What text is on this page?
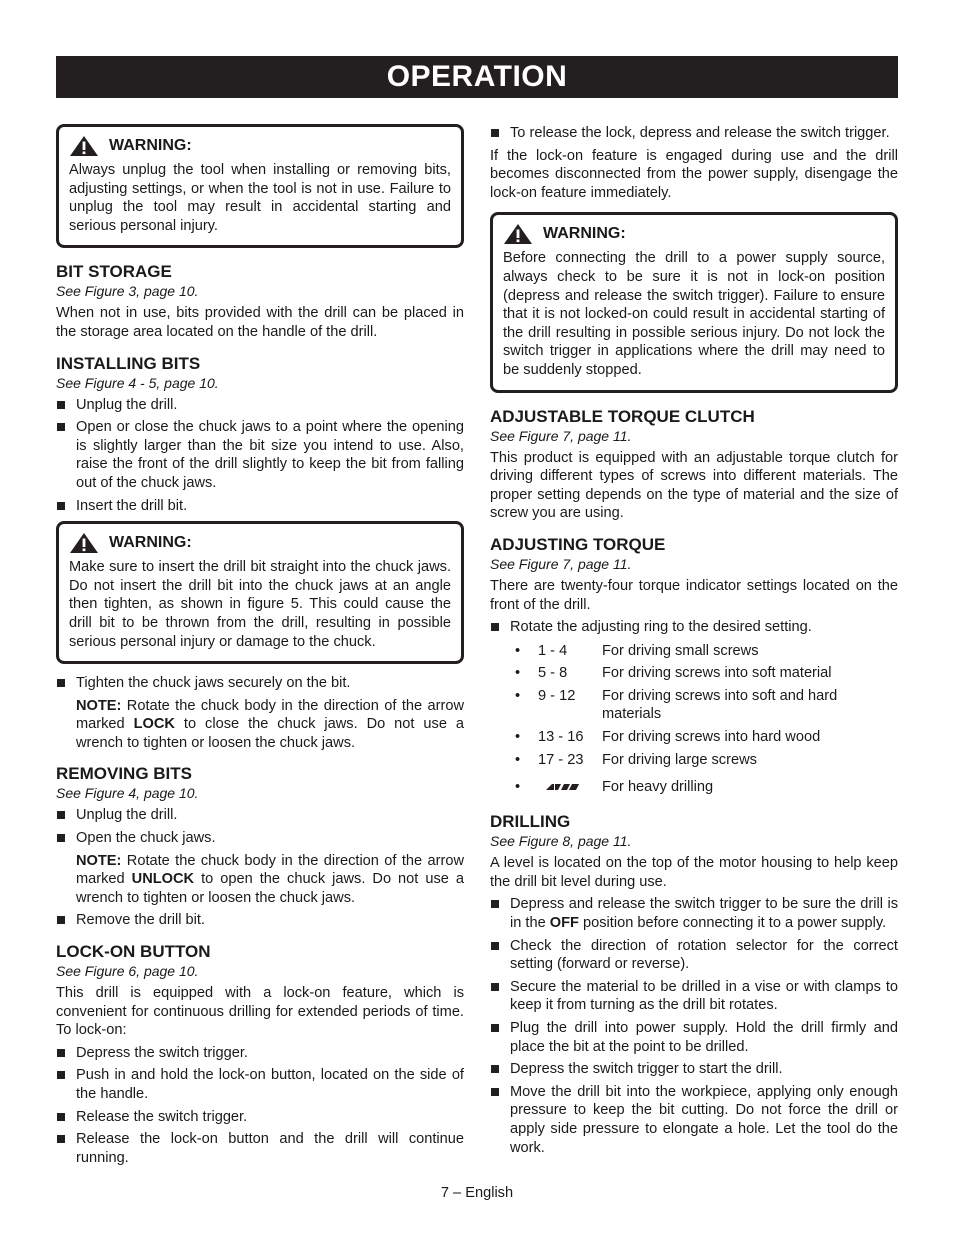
OPERATION
WARNING:

Always unplug the tool when installing or removing bits, adjusting settings, or when the tool is not in use. Failure to unplug the tool may result in accidental starting and serious personal injury.

BIT STORAGE
See Figure 3, page 10.

When not in use, bits provided with the drill can be placed in the storage area located on the handle of the drill.

INSTALLING BITS
See Figure 4 - 5, page 10.
Unplug the drill.
Open or close the chuck jaws to a point where the opening is slightly larger than the bit size you intend to use. Also, raise the front of the drill slightly to keep the bit from falling out of the chuck jaws.
Insert the drill bit.
WARNING:

Make sure to insert the drill bit straight into the chuck jaws. Do not insert the drill bit into the chuck jaws at an angle then tighten, as shown in figure 5. This could cause the drill bit to be thrown from the drill, resulting in possible serious personal injury or damage to the chuck.

Tighten the chuck jaws securely on the bit.

NOTE: Rotate the chuck body in the direction of the arrow marked LOCK to close the chuck jaws. Do not use a wrench to tighten or loosen the chuck jaws.

REMOVING BITS
See Figure 4, page 10.
Unplug the drill.
Open the chuck jaws.

NOTE: Rotate the chuck body in the direction of the arrow marked UNLOCK to open the chuck jaws. Do not use a wrench to tighten or loosen the chuck jaws.

Remove the drill bit.
LOCK-ON BUTTON
See Figure 6, page 10.

This drill is equipped with a lock-on feature, which is convenient for continuous drilling for extended periods of time. To lock-on:

Depress the switch trigger.
Push in and hold the lock-on button, located on the side of the handle.
Release the switch trigger.
Release the lock-on button and the drill will continue running.
To release the lock, depress and release the switch trigger.

If the lock-on feature is engaged during use and the drill becomes disconnected from the power supply, disengage the lock-on feature immediately.

WARNING:

Before connecting the drill to a power supply source, always check to be sure it is not in lock-on position (depress and release the switch trigger). Failure to ensure that it is not locked-on could result in accidental starting of the drill resulting in possible serious injury. Do not lock the switch trigger in applications where the drill may need to be suddenly stopped.

ADJUSTABLE TORQUE CLUTCH
See Figure 7, page 11.

This product is equipped with an adjustable torque clutch for driving different types of screws into different materials. The proper setting depends on the type of material and the size of screw you are using.

ADJUSTING TORQUE
See Figure 7, page 11.

There are twenty-four torque indicator settings located on the front of the drill.

Rotate the adjusting ring to the desired setting.
•	1 - 4	For driving small screws
•	5 - 8	For driving screws into soft material
•	9 - 12	For driving screws into soft and hard materials
•	13 - 16	For driving screws into hard wood
•	17 - 23	For driving large screws
•		For heavy drilling
DRILLING
See Figure 8, page 11.

A level is located on the top of the motor housing to help keep the drill bit level during use.

Depress and release the switch trigger to be sure the drill is in the OFF position before connecting it to a power supply.
Check the direction of rotation selector for the correct setting (forward or reverse).
Secure the material to be drilled in a vise or with clamps to keep it from turning as the drill bit rotates.
Plug the drill into power supply. Hold the drill firmly and place the bit at the point to be drilled.
Depress the switch trigger to start the drill.
Move the drill bit into the workpiece, applying only enough pressure to keep the bit cutting. Do not force the drill or apply side pressure to elongate a hole. Let the tool do the work.
7 – English
